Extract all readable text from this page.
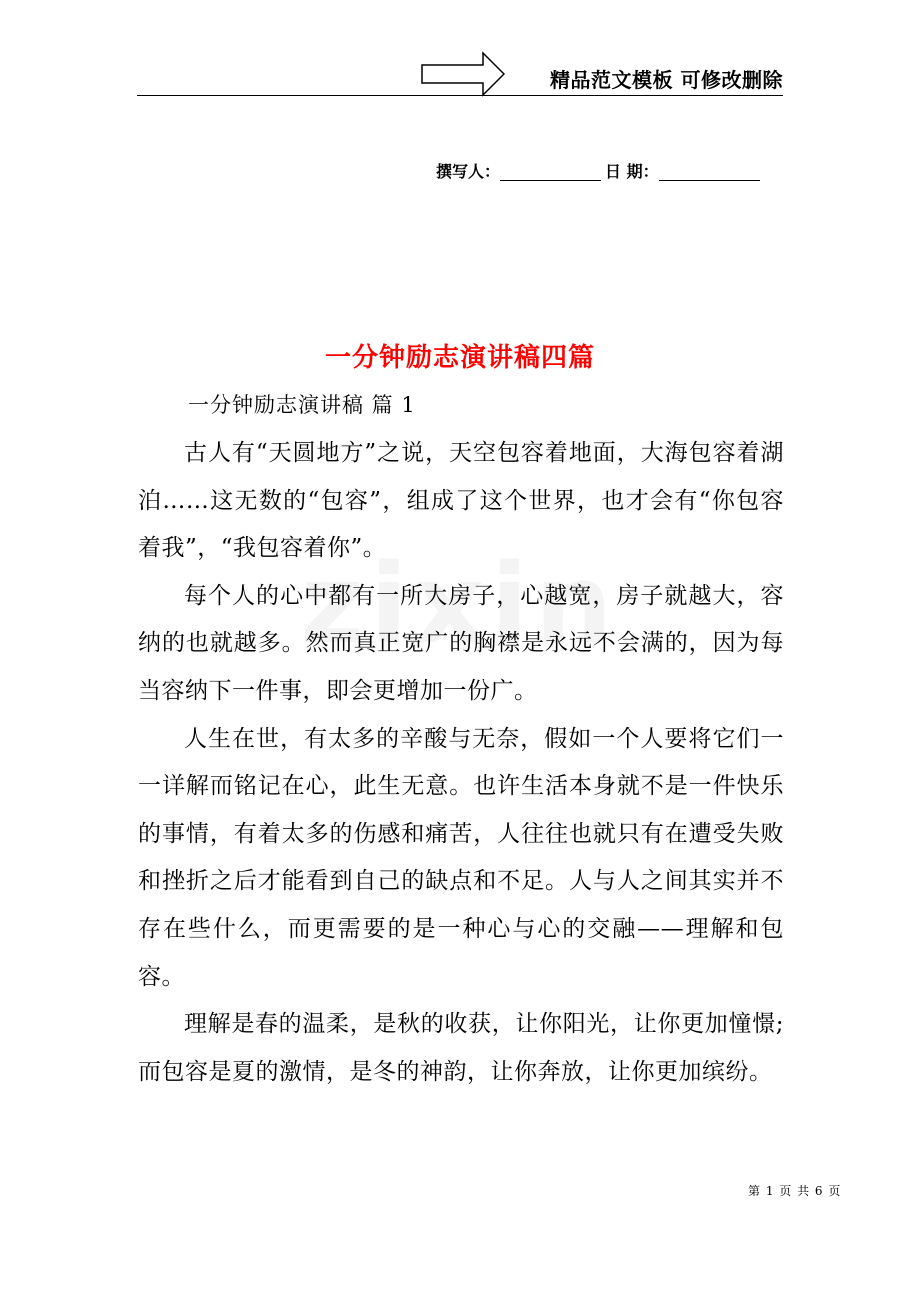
精品范文模板 可修改删除
撰写人：	日 期：
一分钟励志演讲稿四篇
一分钟励志演讲稿 篇 1

古人有“天圆地方”之说，天空包容着地面，大海包容着湖泊……这无数的“包容”，组成了这个世界，也才会有“你包容着我”，“我包容着你”。

每个人的心中都有一所大房子，心越宽，房子就越大，容纳的也就越多。然而真正宽广的胸襟是永远不会满的，因为每当容纳下一件事，即会更增加一份广。

人生在世，有太多的辛酸与无奈，假如一个人要将它们一一详解而铭记在心，此生无意。也许生活本身就不是一件快乐的事情，有着太多的伤感和痛苦，人往往也就只有在遭受失败和挫折之后才能看到自己的缺点和不足。人与人之间其实并不存在些什么，而更需要的是一种心与心的交融——理解和包容。

理解是春的温柔，是秋的收获，让你阳光，让你更加憧憬;而包容是夏的激情，是冬的神韵，让你奔放，让你更加缤纷。

第 1 页 共 6 页
